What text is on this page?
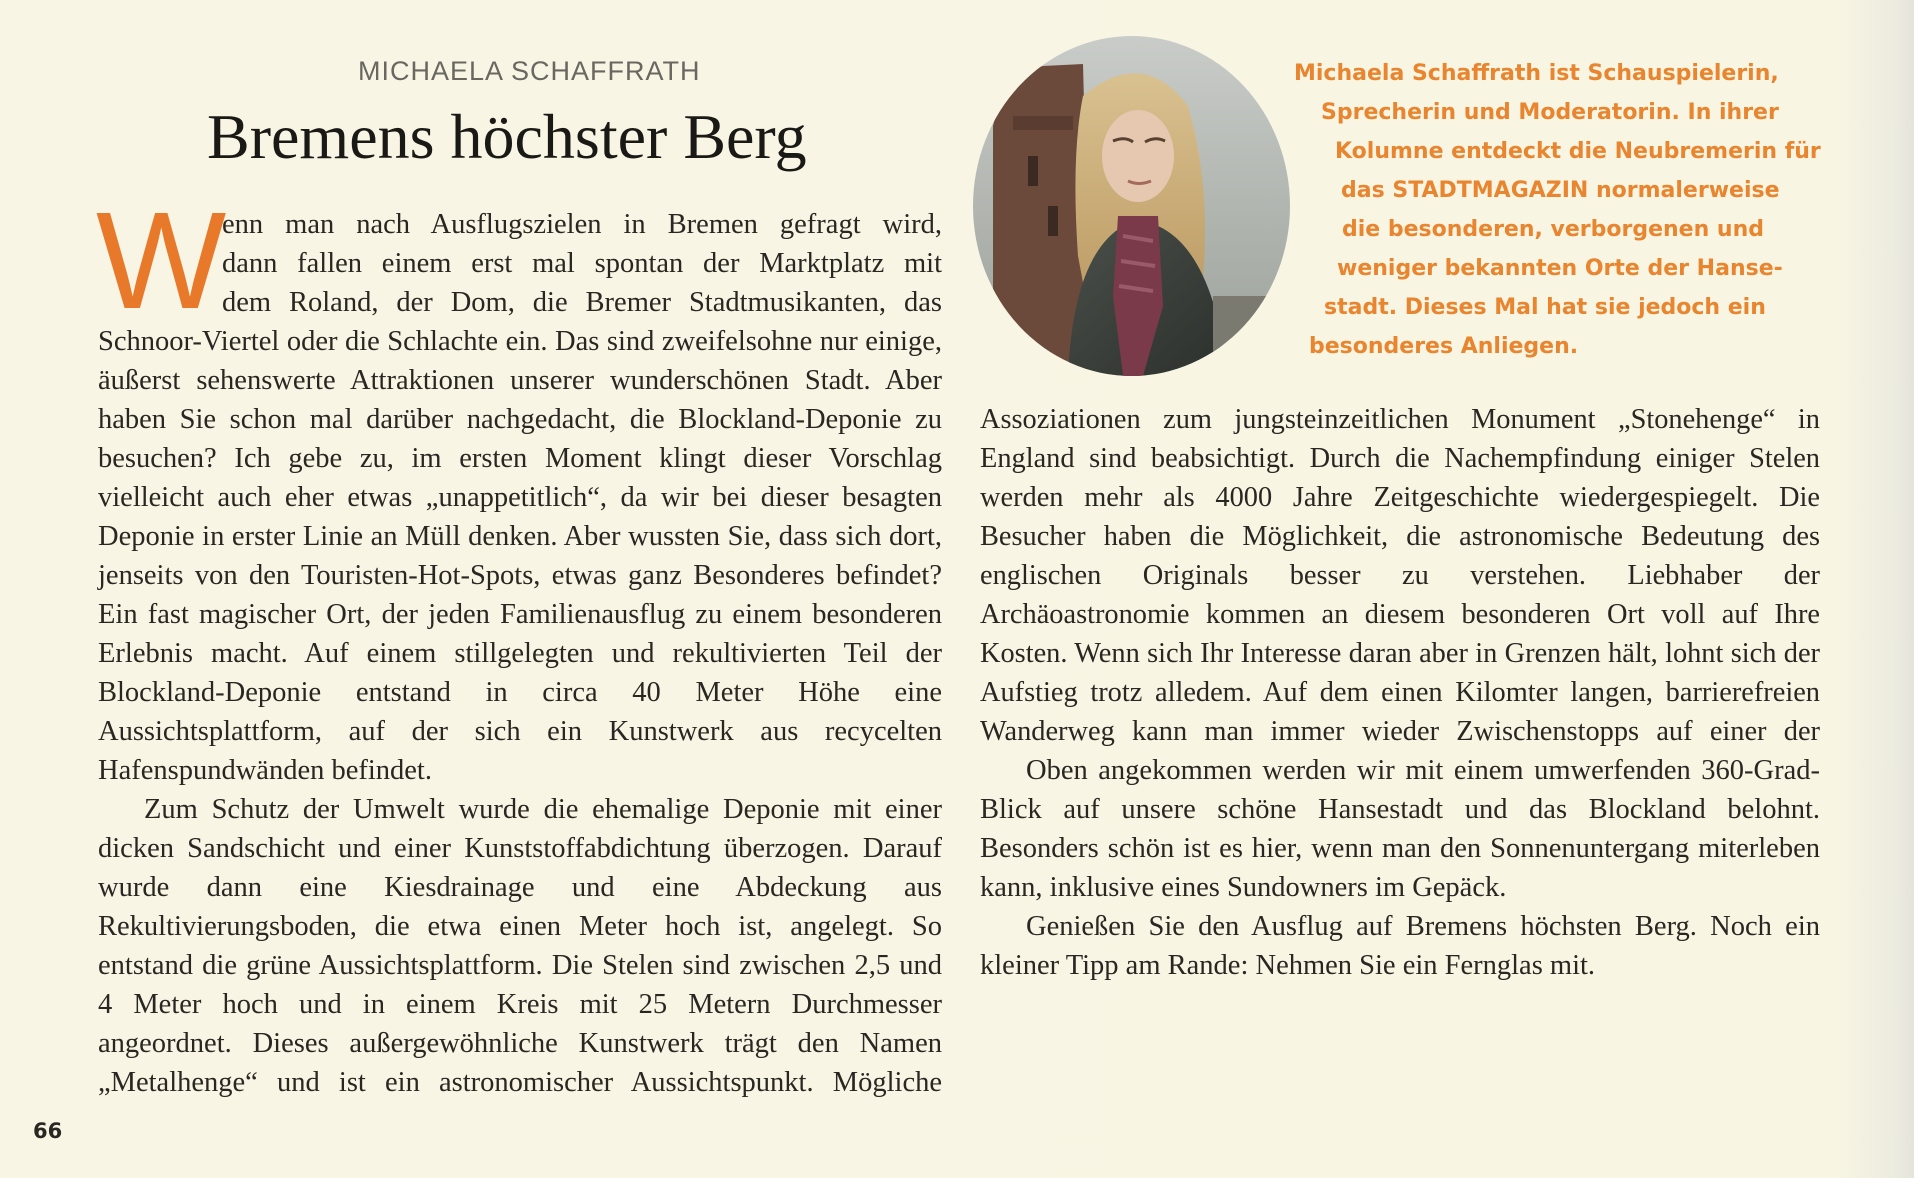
MICHAELA SCHAFFRATH
Bremens höchster Berg
W
enn man nach Ausflugszielen in Bremen gefragt wird,
dann fallen einem erst mal spontan der Marktplatz mit
dem Roland, der Dom, die Bremer Stadtmusikanten, das

Schnoor-Viertel oder die Schlachte ein. Das sind zweifelsohne nur einige, äußerst sehenswerte Attraktionen unserer wunderschönen Stadt. Aber haben Sie schon mal darüber nachgedacht, die Blockland-Deponie zu besuchen? Ich gebe zu, im ersten Moment klingt dieser Vorschlag vielleicht auch eher etwas „unappetitlich“, da wir bei dieser besagten Deponie in erster Linie an Müll denken. Aber wussten Sie, dass sich dort, jenseits von den Touristen-Hot-Spots, etwas ganz Besonderes befindet? Ein fast magischer Ort, der jeden Familienausflug zu einem besonderen Erlebnis macht. Auf einem stillgelegten und rekultivierten Teil der Blockland-Deponie entstand in circa 40 Meter Höhe eine Aussichtsplattform, auf der sich ein Kunstwerk aus recycelten Hafenspundwänden befindet.

Zum Schutz der Umwelt wurde die ehemalige Deponie mit einer dicken Sandschicht und einer Kunststoffabdichtung überzogen. Darauf wurde dann eine Kiesdrainage und eine Abdeckung aus Rekultivierungsboden, die etwa einen Meter hoch ist, angelegt. So entstand die grüne Aussichtsplattform. Die Stelen sind zwischen 2,5 und 4 Meter hoch und in einem Kreis mit 25 Metern Durchmesser angeordnet. Dieses außergewöhnliche Kunstwerk trägt den Namen „Metalhenge“ und ist ein astronomischer Aussichtspunkt. Mögliche

Assoziationen zum jungsteinzeitlichen Monument „Stonehenge“ in England sind beabsichtigt. Durch die Nachempfindung einiger Stelen werden mehr als 4000 Jahre Zeitgeschichte wiedergespiegelt. Die Besucher haben die Möglichkeit, die astronomische Bedeutung des englischen Originals besser zu verstehen. Liebhaber der Archäoastronomie kommen an diesem besonderen Ort voll auf Ihre Kosten. Wenn sich Ihr Interesse daran aber in Grenzen hält, lohnt sich der Aufstieg trotz alledem. Auf dem einen Kilomter langen, barrierefreien Wanderweg kann man immer wieder Zwischenstopps auf einer der

Oben angekommen werden wir mit einem umwerfenden 360-Grad-Blick auf unsere schöne Hansestadt und das Blockland belohnt. Besonders schön ist es hier, wenn man den Sonnenuntergang miterleben kann, inklusive eines Sundowners im Gepäck.

Genießen Sie den Ausflug auf Bremens höchsten Berg. Noch ein kleiner Tipp am Rande: Nehmen Sie ein Fernglas mit.

Michaela Schaffrath ist Schauspielerin,
Sprecherin und Moderatorin. In ihrer
Kolumne entdeckt die Neubremerin für
das STADTMAGAZIN normalerweise
die besonderen, verborgenen und
weniger bekannten Orte der Hanse-
stadt. Dieses Mal hat sie jedoch ein
besonderes Anliegen.
66
